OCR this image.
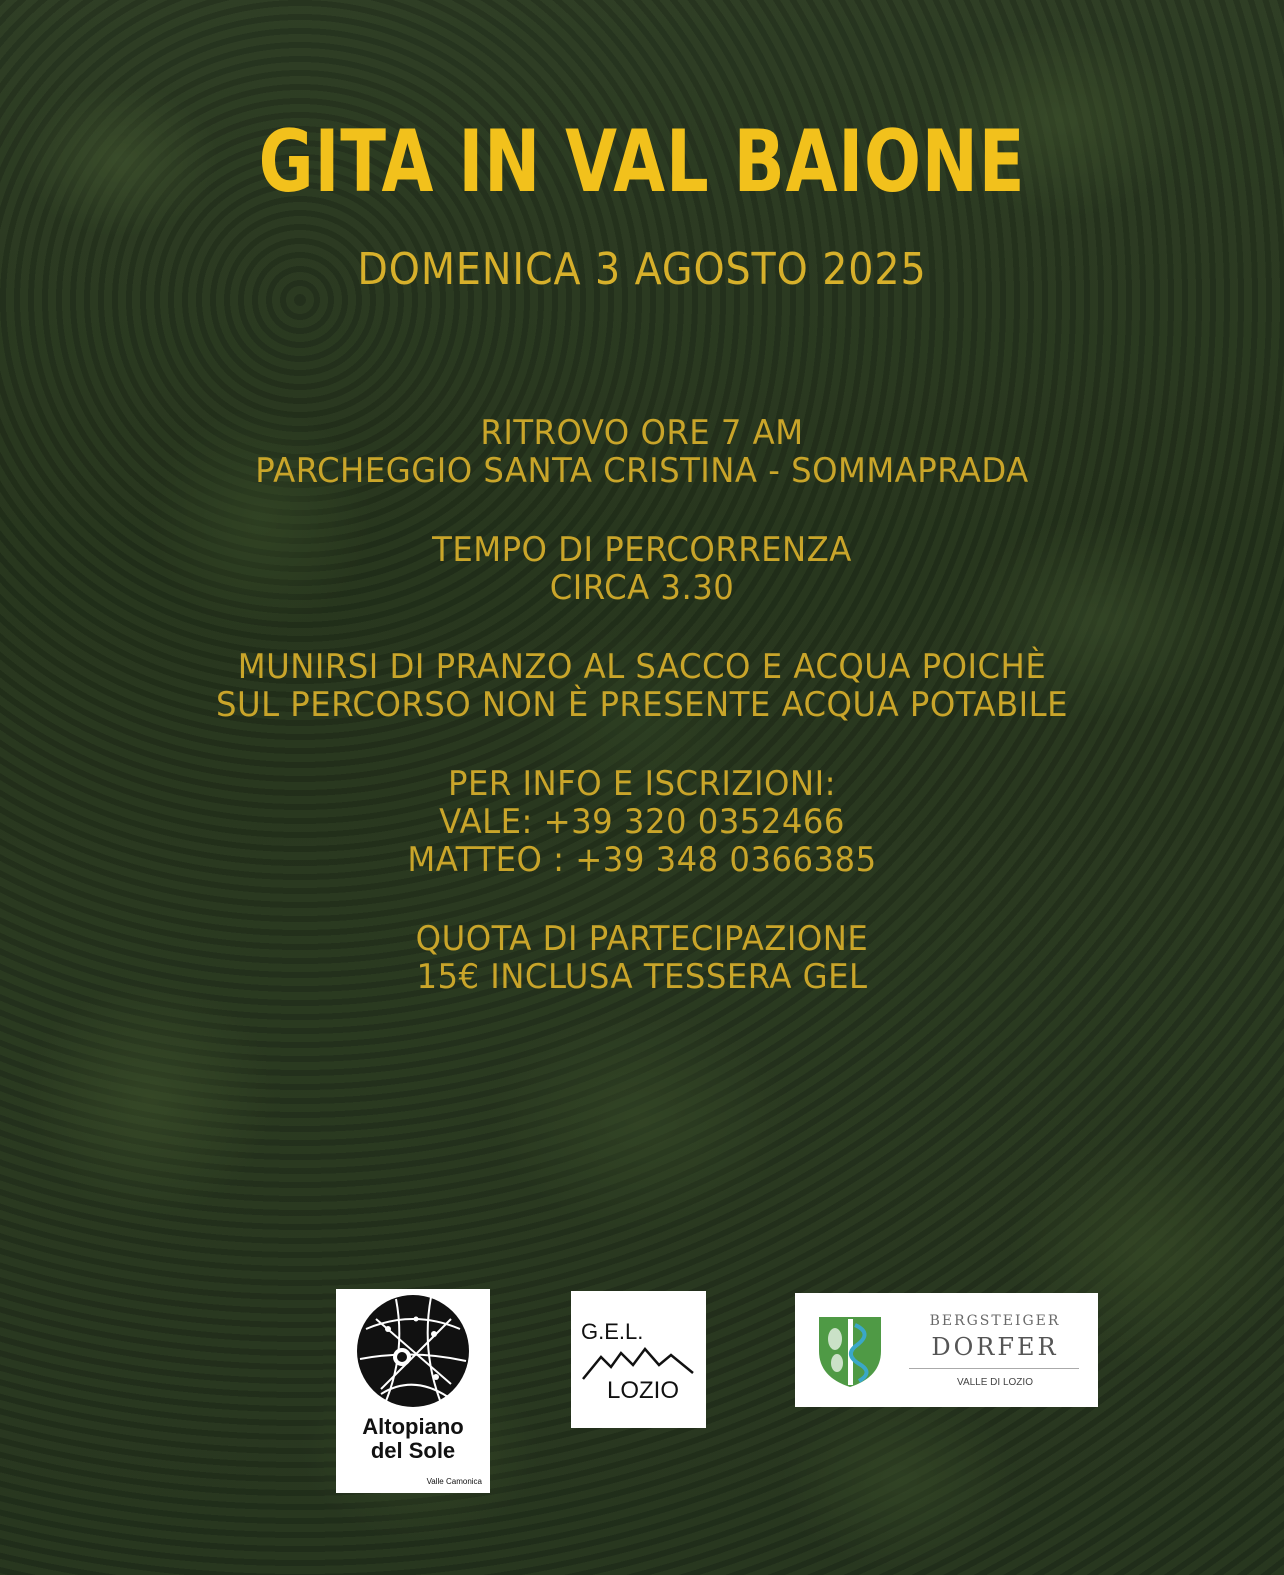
GITA IN VAL BAIONE
DOMENICA 3 AGOSTO 2025
RITROVO ORE 7 AM
PARCHEGGIO SANTA CRISTINA - SOMMAPRADA
TEMPO DI PERCORRENZA
CIRCA 3.30
MUNIRSI DI PRANZO AL SACCO E ACQUA POICHÈ
SUL PERCORSO NON È PRESENTE ACQUA POTABILE
PER INFO E ISCRIZIONI:
VALE: +39 320 0352466
MATTEO : +39 348 0366385
QUOTA DI PARTECIPAZIONE
15€ INCLUSA TESSERA GEL
Altopiano
del Sole
Valle Camonica
G.E.L.
LOZIO
BERGSTEIGER
DORFER
VALLE DI LOZIO
